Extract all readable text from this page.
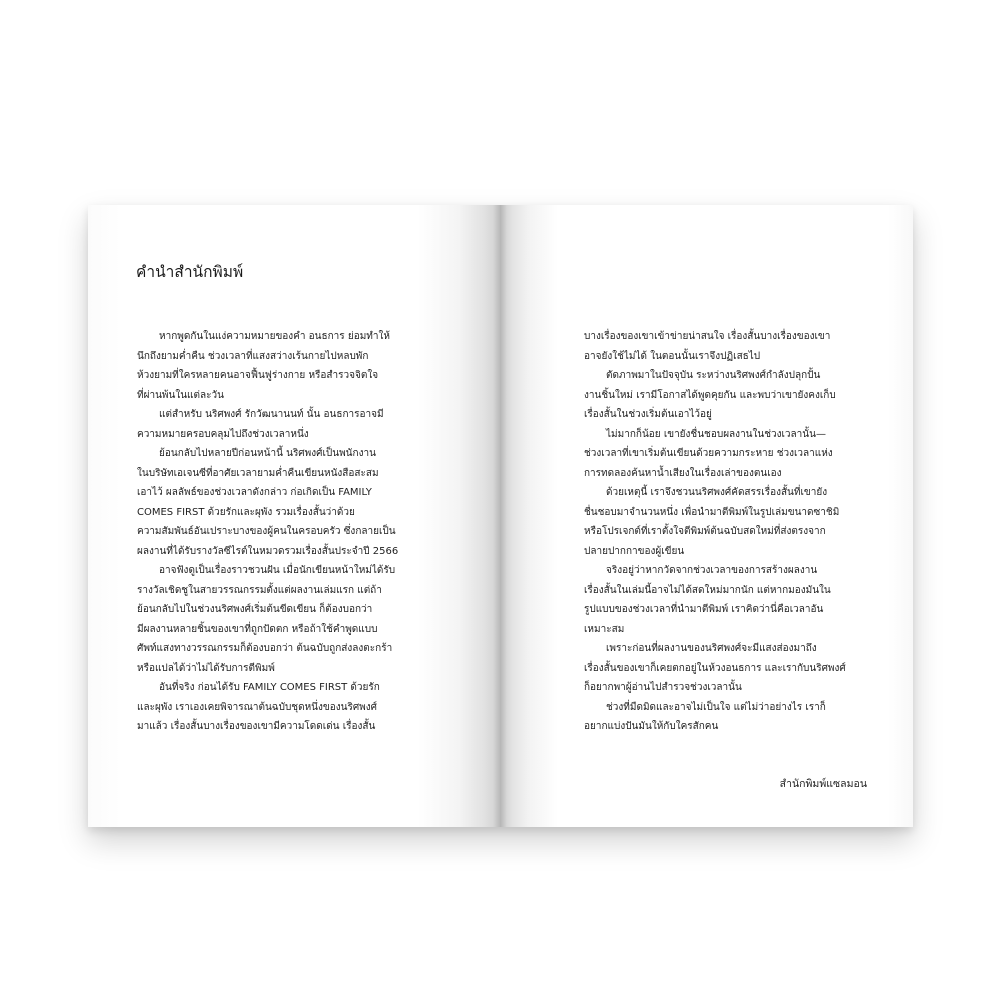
คำนำสำนักพิมพ์
หากพูดกันในแง่ความหมายของคำ อนธการ ย่อมทำให้
นึกถึงยามค่ำคืน ช่วงเวลาที่แสงสว่างเร้นกายไปหลบพัก
ห้วงยามที่ใครหลายคนอาจฟื้นฟูร่างกาย หรือสำรวจจิตใจ
ที่ผ่านพ้นในแต่ละวัน
แต่สำหรับ นริศพงศ์ รักวัฒนานนท์ นั้น อนธการอาจมี
ความหมายครอบคลุมไปถึงช่วงเวลาหนึ่ง
ย้อนกลับไปหลายปีก่อนหน้านี้ นริศพงศ์เป็นพนักงาน
ในบริษัทเอเจนซีที่อาศัยเวลายามค่ำคืนเขียนหนังสือสะสม
เอาไว้ ผลลัพธ์ของช่วงเวลาดังกล่าว ก่อเกิดเป็น FAMILY
COMES FIRST ด้วยรักและผุพัง รวมเรื่องสั้นว่าด้วย
ความสัมพันธ์อันเปราะบางของผู้คนในครอบครัว ซึ่งกลายเป็น
ผลงานที่ได้รับรางวัลซีไรต์ในหมวดรวมเรื่องสั้นประจำปี 2566
อาจฟังดูเป็นเรื่องราวชวนฝัน เมื่อนักเขียนหน้าใหม่ได้รับ
รางวัลเชิดชูในสายวรรณกรรมตั้งแต่ผลงานเล่มแรก แต่ถ้า
ย้อนกลับไปในช่วงนริศพงศ์เริ่มต้นขีดเขียน ก็ต้องบอกว่า
มีผลงานหลายชิ้นของเขาที่ถูกปัดตก หรือถ้าใช้คำพูดแบบ
ศัพท์แสงทางวรรณกรรมก็ต้องบอกว่า ต้นฉบับถูกส่งลงตะกร้า
หรือแปลได้ว่าไม่ได้รับการตีพิมพ์
อันที่จริง ก่อนได้รับ FAMILY COMES FIRST ด้วยรัก
และผุพัง เราเองเคยพิจารณาต้นฉบับชุดหนึ่งของนริศพงศ์
มาแล้ว เรื่องสั้นบางเรื่องของเขามีความโดดเด่น เรื่องสั้น
บางเรื่องของเขาเข้าข่ายน่าสนใจ เรื่องสั้นบางเรื่องของเขา
อาจยังใช้ไม่ได้ ในตอนนั้นเราจึงปฏิเสธไป
ตัดภาพมาในปัจจุบัน ระหว่างนริศพงศ์กำลังปลุกปั้น
งานชิ้นใหม่ เรามีโอกาสได้พูดคุยกัน และพบว่าเขายังคงเก็บ
เรื่องสั้นในช่วงเริ่มต้นเอาไว้อยู่
ไม่มากก็น้อย เขายังชื่นชอบผลงานในช่วงเวลานั้น—
ช่วงเวลาที่เขาเริ่มต้นเขียนด้วยความกระหาย ช่วงเวลาแห่ง
การทดลองค้นหาน้ำเสียงในเรื่องเล่าของตนเอง
ด้วยเหตุนี้ เราจึงชวนนริศพงศ์คัดสรรเรื่องสั้นที่เขายัง
ชื่นชอบมาจำนวนหนึ่ง เพื่อนำมาตีพิมพ์ในรูปเล่มขนาดซาชิมิ
หรือโปรเจกต์ที่เราตั้งใจตีพิมพ์ต้นฉบับสดใหม่ที่ส่งตรงจาก
ปลายปากกาของผู้เขียน
จริงอยู่ว่าหากวัดจากช่วงเวลาของการสร้างผลงาน
เรื่องสั้นในเล่มนี้อาจไม่ได้สดใหม่มากนัก แต่หากมองมันใน
รูปแบบของช่วงเวลาที่นำมาตีพิมพ์ เราคิดว่านี่คือเวลาอัน
เหมาะสม
เพราะก่อนที่ผลงานของนริศพงศ์จะมีแสงส่องมาถึง
เรื่องสั้นของเขาก็เคยตกอยู่ในห้วงอนธการ และเรากับนริศพงศ์
ก็อยากพาผู้อ่านไปสำรวจช่วงเวลานั้น
ช่วงที่มืดมิดและอาจไม่เป็นใจ แต่ไม่ว่าอย่างไร เราก็
อยากแบ่งปันมันให้กับใครสักคน
สำนักพิมพ์แซลมอน
